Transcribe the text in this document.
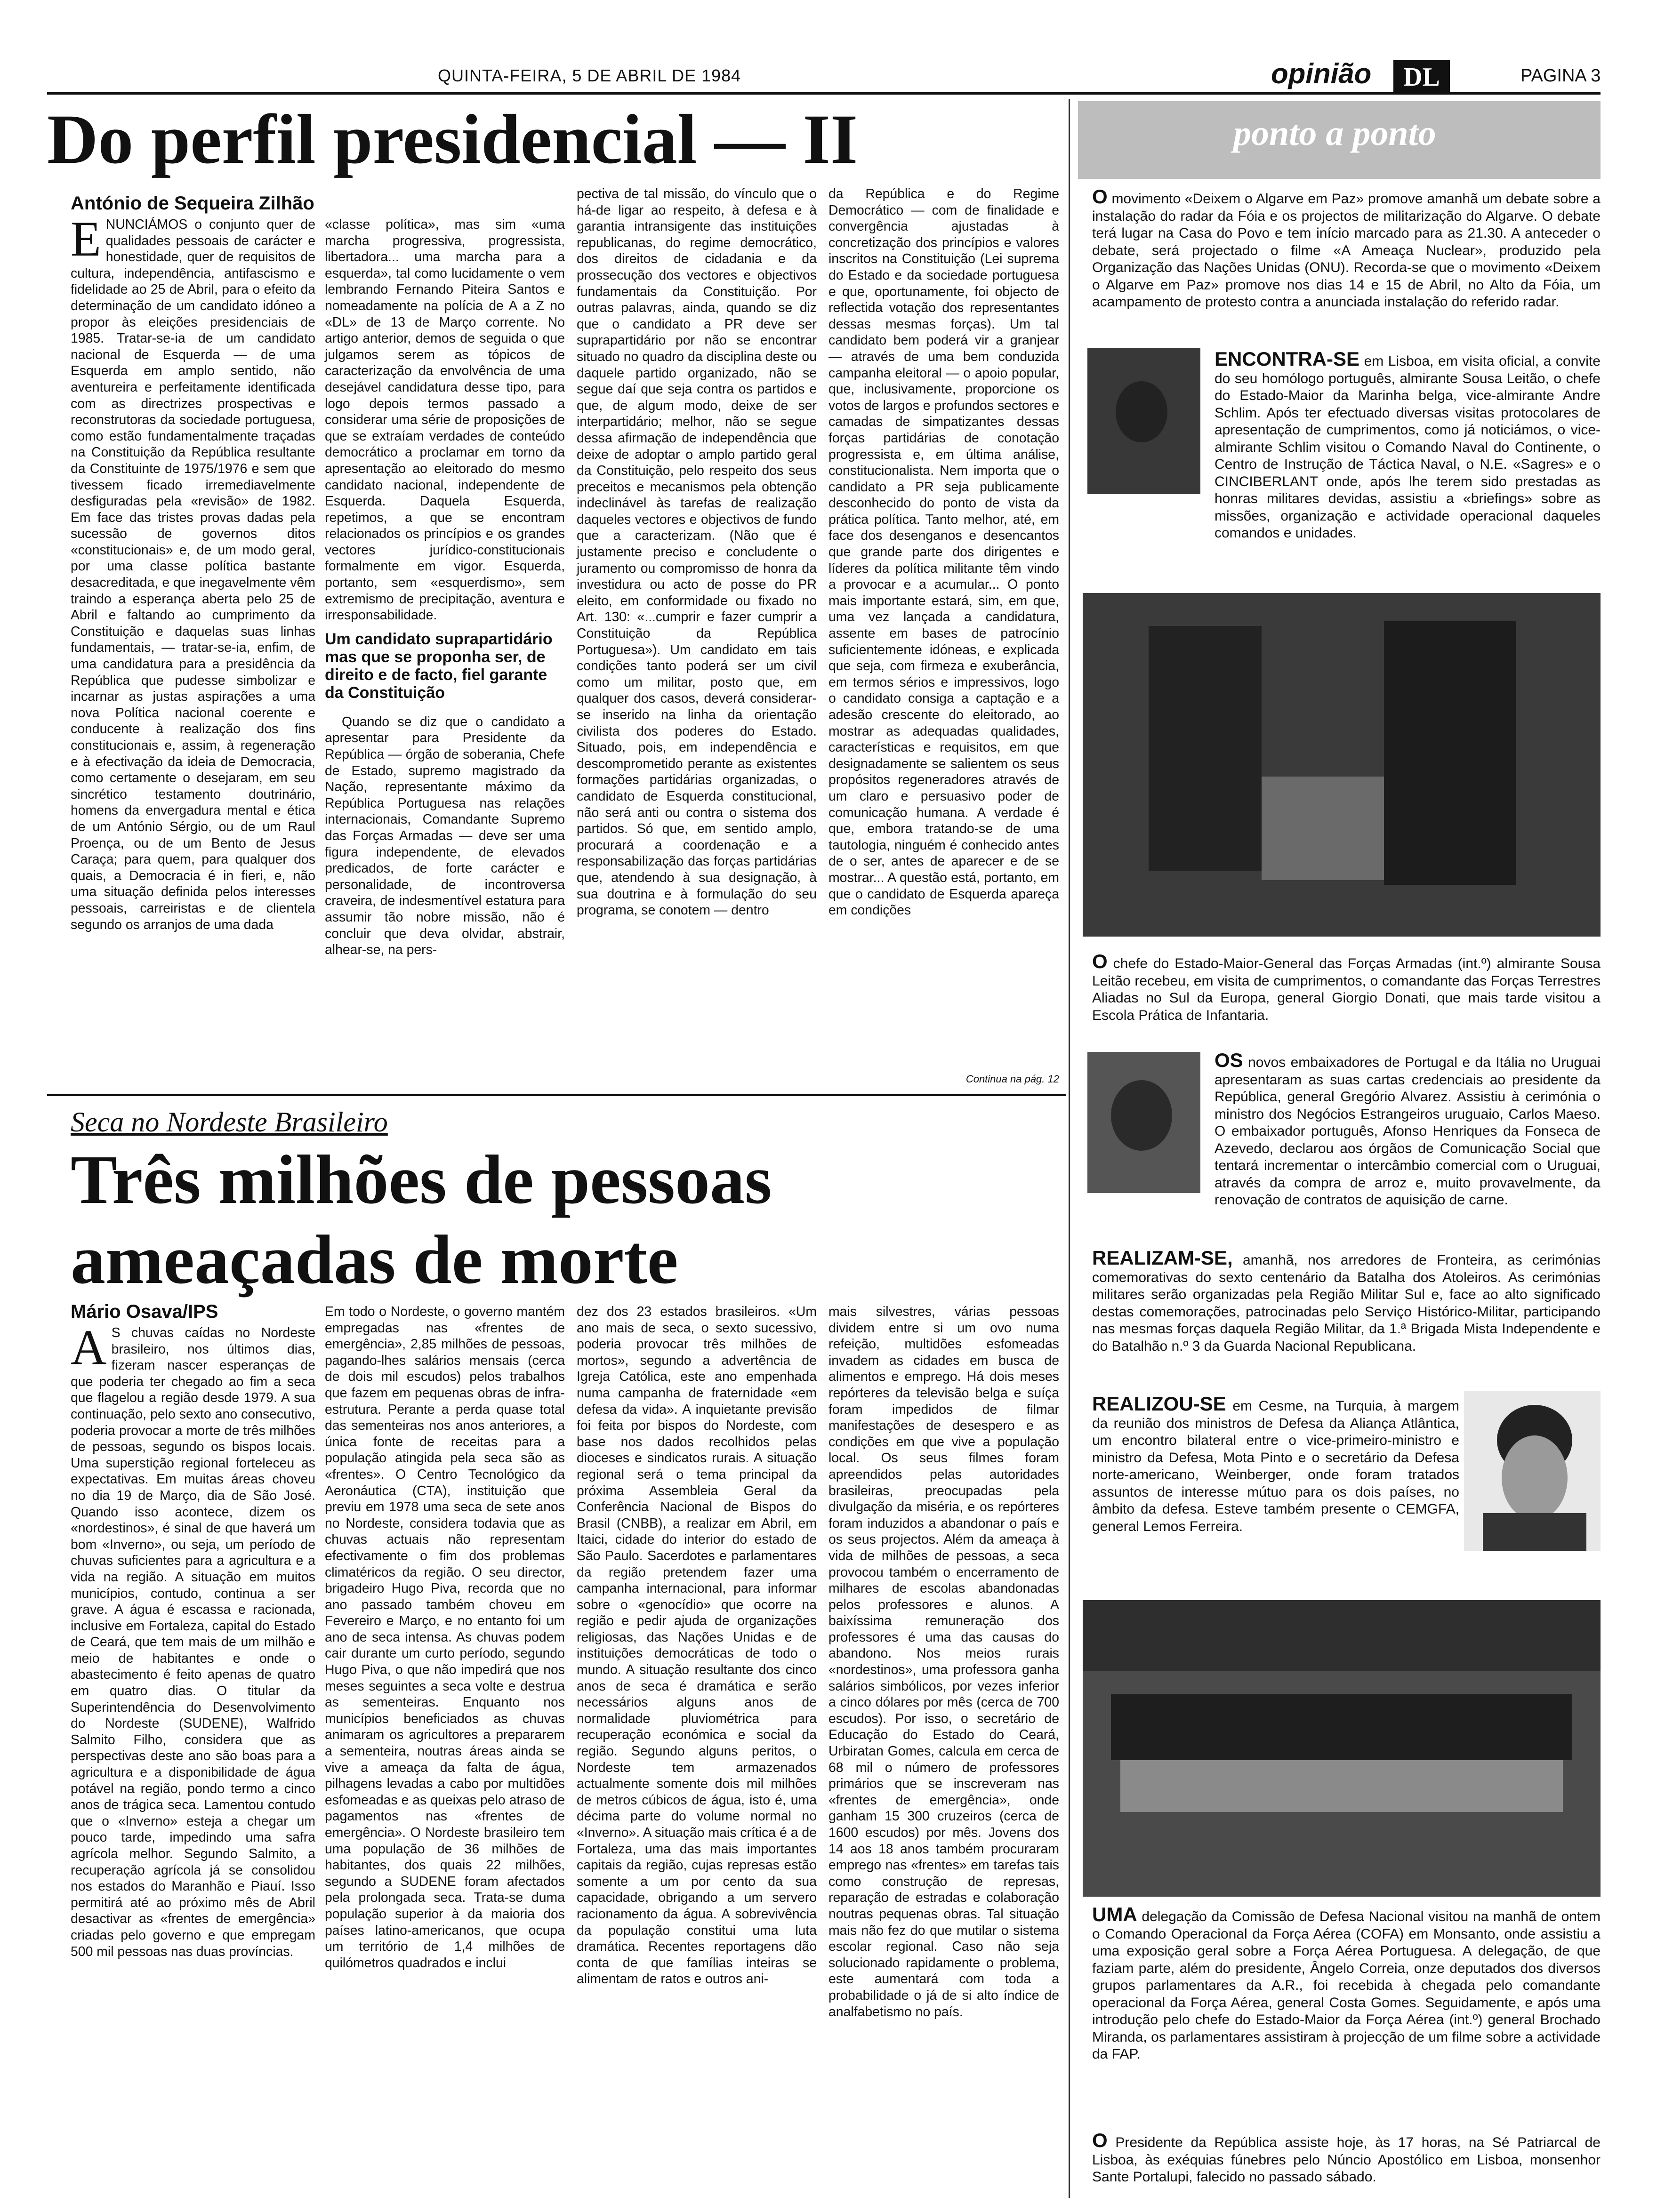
QUINTA-FEIRA, 5 DE ABRIL DE 1984	opinião	DL	PAGINA 3
Do perfil presidencial — II
António de Sequeira Zilhão

ENUNCIÁMOS o conjunto quer de qualidades pessoais de carácter e honestidade, quer de requisitos de cultura, independência, antifascismo e fidelidade ao 25 de Abril, para o efeito da determinação de um candidato idóneo a propor às eleições presidenciais de 1985. Tratar-se-ia de um candidato nacional de Esquerda — de uma Esquerda em amplo sentido, não aventureira e perfeitamente identificada com as directrizes prospectivas e reconstrutoras da sociedade portuguesa, como estão fundamentalmente traçadas na Constituição da República resultante da Constituinte de 1975/1976 e sem que tivessem ficado irremediavelmente desfiguradas pela «revisão» de 1982. Em face das tristes provas dadas pela sucessão de governos ditos «constitucionais» e, de um modo geral, por uma classe política bastante desacreditada, e que inegavelmente vêm traindo a esperança aberta pelo 25 de Abril e faltando ao cumprimento da Constituição e daquelas suas linhas fundamentais, — tratar-se-ia, enfim, de uma candidatura para a presidência da República que pudesse simbolizar e incarnar as justas aspirações a uma nova Política nacional coerente e conducente à realização dos fins constitucionais e, assim, à regeneração e à efectivação da ideia de Democracia, como certamente o desejaram, em seu sincrético testamento doutrinário, homens da envergadura mental e ética de um António Sérgio, ou de um Raul Proença, ou de um Bento de Jesus Caraça; para quem, para qualquer dos quais, a Democracia é in fieri, e, não uma situação definida pelos interesses pessoais, carreiristas e de clientela segundo os arranjos de uma dada

«classe política», mas sim «uma marcha progressiva, progressista, libertadora... uma marcha para a esquerda», tal como lucidamente o vem lembrando Fernando Piteira Santos e nomeadamente na polícia de A a Z no «DL» de 13 de Março corrente. No artigo anterior, demos de seguida o que julgamos serem as tópicos de caracterização da envolvência de uma desejável candidatura desse tipo, para logo depois termos passado a considerar uma série de proposições de que se extraíam verdades de conteúdo democrático a proclamar em torno da apresentação ao eleitorado do mesmo candidato nacional, independente de Esquerda. Daquela Esquerda, repetimos, a que se encontram relacionados os princípios e os grandes vectores jurídico-constitucionais formalmente em vigor. Esquerda, portanto, sem «esquerdismo», sem extremismo de precipitação, aventura e irresponsabilidade.

Um candidato suprapartidário mas que se proponha ser, de direito e de facto, fiel garante da Constituição

Quando se diz que o candidato a apresentar para Presidente da República — órgão de soberania, Chefe de Estado, supremo magistrado da Nação, representante máximo da República Portuguesa nas relações internacionais, Comandante Supremo das Forças Armadas — deve ser uma figura independente, de elevados predicados, de forte carácter e personalidade, de incontroversa craveira, de indesmentível estatura para assumir tão nobre missão, não é concluir que deva olvidar, abstrair, alhear-se, na pers-

pectiva de tal missão, do vínculo que o há-de ligar ao respeito, à defesa e à garantia intransigente das instituições republicanas, do regime democrático, dos direitos de cidadania e da prossecução dos vectores e objectivos fundamentais da Constituição. Por outras palavras, ainda, quando se diz que o candidato a PR deve ser suprapartidário por não se encontrar situado no quadro da disciplina deste ou daquele partido organizado, não se segue daí que seja contra os partidos e que, de algum modo, deixe de ser interpartidário; melhor, não se segue dessa afirmação de independência que deixe de adoptar o amplo partido geral da Constituição, pelo respeito dos seus preceitos e mecanismos pela obtenção indeclinável às tarefas de realização daqueles vectores e objectivos de fundo que a caracterizam. (Não que é justamente preciso e concludente o juramento ou compromisso de honra da investidura ou acto de posse do PR eleito, em conformidade ou fixado no Art. 130: «...cumprir e fazer cumprir a Constituição da República Portuguesa»). Um candidato em tais condições tanto poderá ser um civil como um militar, posto que, em qualquer dos casos, deverá considerar-se inserido na linha da orientação civilista dos poderes do Estado. Situado, pois, em independência e descomprometido perante as existentes formações partidárias organizadas, o candidato de Esquerda constitucional, não será anti ou contra o sistema dos partidos. Só que, em sentido amplo, procurará a coordenação e a responsabilização das forças partidárias que, atendendo à sua designação, à sua doutrina e à formulação do seu programa, se conotem — dentro

da República e do Regime Democrático — com de finalidade e convergência ajustadas à concretização dos princípios e valores inscritos na Constituição (Lei suprema do Estado e da sociedade portuguesa e que, oportunamente, foi objecto de reflectida votação dos representantes dessas mesmas forças). Um tal candidato bem poderá vir a granjear — através de uma bem conduzida campanha eleitoral — o apoio popular, que, inclusivamente, proporcione os votos de largos e profundos sectores e camadas de simpatizantes dessas forças partidárias de conotação progressista e, em última análise, constitucionalista. Nem importa que o candidato a PR seja publicamente desconhecido do ponto de vista da prática política. Tanto melhor, até, em face dos desenganos e desencantos que grande parte dos dirigentes e líderes da política militante têm vindo a provocar e a acumular... O ponto mais importante estará, sim, em que, uma vez lançada a candidatura, assente em bases de patrocínio suficientemente idóneas, e explicada que seja, com firmeza e exuberância, em termos sérios e impressivos, logo o candidato consiga a captação e a adesão crescente do eleitorado, ao mostrar as adequadas qualidades, características e requisitos, em que designadamente se salientem os seus propósitos regeneradores através de um claro e persuasivo poder de comunicação humana. A verdade é que, embora tratando-se de uma tautologia, ninguém é conhecido antes de o ser, antes de aparecer e de se mostrar... A questão está, portanto, em que o candidato de Esquerda apareça em condições

Continua na pág. 12
Seca no Nordeste Brasileiro
Três milhões de pessoas
ameaçadas de morte
Mário Osava/IPS

A S chuvas caídas no Nordeste brasileiro, nos últimos dias, fizeram nascer esperanças de que poderia ter chegado ao fim a seca que flagelou a região desde 1979. A sua continuação, pelo sexto ano consecutivo, poderia provocar a morte de três milhões de pessoas, segundo os bispos locais. Uma superstição regional forteleceu as expectativas. Em muitas áreas choveu no dia 19 de Março, dia de São José. Quando isso acontece, dizem os «nordestinos», é sinal de que haverá um bom «Inverno», ou seja, um período de chuvas suficientes para a agricultura e a vida na região. A situação em muitos municípios, contudo, continua a ser grave. A água é escassa e racionada, inclusive em Fortaleza, capital do Estado de Ceará, que tem mais de um milhão e meio de habitantes e onde o abastecimento é feito apenas de quatro em quatro dias. O titular da Superintendência do Desenvolvimento do Nordeste (SUDENE), Walfrido Salmito Filho, considera que as perspectivas deste ano são boas para a agricultura e a disponibilidade de água potável na região, pondo termo a cinco anos de trágica seca. Lamentou contudo que o «Inverno» esteja a chegar um pouco tarde, impedindo uma safra agrícola melhor. Segundo Salmito, a recuperação agrícola já se consolidou nos estados do Maranhão e Piauí. Isso permitirá até ao próximo mês de Abril desactivar as «frentes de emergência» criadas pelo governo e que empregam 500 mil pessoas nas duas províncias.

Em todo o Nordeste, o governo mantém empregadas nas «frentes de emergência», 2,85 milhões de pessoas, pagando-lhes salários mensais (cerca de dois mil escudos) pelos trabalhos que fazem em pequenas obras de infra-estrutura. Perante a perda quase total das sementeiras nos anos anteriores, a única fonte de receitas para a população atingida pela seca são as «frentes». O Centro Tecnológico da Aeronáutica (CTA), instituição que previu em 1978 uma seca de sete anos no Nordeste, considera todavia que as chuvas actuais não representam efectivamente o fim dos problemas climatéricos da região. O seu director, brigadeiro Hugo Piva, recorda que no ano passado também choveu em Fevereiro e Março, e no entanto foi um ano de seca intensa. As chuvas podem cair durante um curto período, segundo Hugo Piva, o que não impedirá que nos meses seguintes a seca volte e destrua as sementeiras. Enquanto nos municípios beneficiados as chuvas animaram os agricultores a prepararem a sementeira, noutras áreas ainda se vive a ameaça da falta de água, pilhagens levadas a cabo por multidões esfomeadas e as queixas pelo atraso de pagamentos nas «frentes de emergência». O Nordeste brasileiro tem uma população de 36 milhões de habitantes, dos quais 22 milhões, segundo a SUDENE foram afectados pela prolongada seca. Trata-se duma população superior à da maioria dos países latino-americanos, que ocupa um território de 1,4 milhões de quilómetros quadrados e inclui

dez dos 23 estados brasileiros. «Um ano mais de seca, o sexto sucessivo, poderia provocar três milhões de mortos», segundo a advertência de Igreja Católica, este ano empenhada numa campanha de fraternidade «em defesa da vida». A inquietante previsão foi feita por bispos do Nordeste, com base nos dados recolhidos pelas dioceses e sindicatos rurais. A situação regional será o tema principal da próxima Assembleia Geral da Conferência Nacional de Bispos do Brasil (CNBB), a realizar em Abril, em Itaici, cidade do interior do estado de São Paulo. Sacerdotes e parlamentares da região pretendem fazer uma campanha internacional, para informar sobre o «genocídio» que ocorre na região e pedir ajuda de organizações religiosas, das Nações Unidas e de instituições democráticas de todo o mundo. A situação resultante dos cinco anos de seca é dramática e serão necessários alguns anos de normalidade pluviométrica para recuperação económica e social da região. Segundo alguns peritos, o Nordeste tem armazenados actualmente somente dois mil milhões de metros cúbicos de água, isto é, uma décima parte do volume normal no «Inverno». A situação mais crítica é a de Fortaleza, uma das mais importantes capitais da região, cujas represas estão somente a um por cento da sua capacidade, obrigando a um servero racionamento da água. A sobrevivência da população constitui uma luta dramática. Recentes reportagens dão conta de que famílias inteiras se alimentam de ratos e outros ani-

mais silvestres, várias pessoas dividem entre si um ovo numa refeição, multidões esfomeadas invadem as cidades em busca de alimentos e emprego. Há dois meses repórteres da televisão belga e suíça foram impedidos de filmar manifestações de desespero e as condições em que vive a população local. Os seus filmes foram apreendidos pelas autoridades brasileiras, preocupadas pela divulgação da miséria, e os repórteres foram induzidos a abandonar o país e os seus projectos. Além da ameaça à vida de milhões de pessoas, a seca provocou também o encerramento de milhares de escolas abandonadas pelos professores e alunos. A baixíssima remuneração dos professores é uma das causas do abandono. Nos meios rurais «nordestinos», uma professora ganha salários simbólicos, por vezes inferior a cinco dólares por mês (cerca de 700 escudos). Por isso, o secretário de Educação do Estado do Ceará, Urbiratan Gomes, calcula em cerca de 68 mil o número de professores primários que se inscreveram nas «frentes de emergência», onde ganham 15 300 cruzeiros (cerca de 1600 escudos) por mês. Jovens dos 14 aos 18 anos também procuraram emprego nas «frentes» em tarefas tais como construção de represas, reparação de estradas e colaboração noutras pequenas obras. Tal situação mais não fez do que mutilar o sistema escolar regional. Caso não seja solucionado rapidamente o problema, este aumentará com toda a probabilidade o já de si alto índice de analfabetismo no país.

ponto a ponto
O movimento «Deixem o Algarve em Paz» promove amanhã um debate sobre a instalação do radar da Fóia e os projectos de militarização do Algarve. O debate terá lugar na Casa do Povo e tem início marcado para as 21.30. A anteceder o debate, será projectado o filme «A Ameaça Nuclear», produzido pela Organização das Nações Unidas (ONU). Recorda-se que o movimento «Deixem o Algarve em Paz» promove nos dias 14 e 15 de Abril, no Alto da Fóia, um acampamento de protesto contra a anunciada instalação do referido radar.
ENCONTRA-SE em Lisboa, em visita oficial, a convite do seu homólogo português, almirante Sousa Leitão, o chefe do Estado-Maior da Marinha belga, vice-almirante Andre Schlim. Após ter efectuado diversas visitas protocolares de apresentação de cumprimentos, como já noticiámos, o vice-almirante Schlim visitou o Comando Naval do Continente, o Centro de Instrução de Táctica Naval, o N.E. «Sagres» e o CINCIBERLANT onde, após lhe terem sido prestadas as honras militares devidas, assistiu a «briefings» sobre as missões, organização e actividade operacional daqueles comandos e unidades.
O chefe do Estado-Maior-General das Forças Armadas (int.º) almirante Sousa Leitão recebeu, em visita de cumprimentos, o comandante das Forças Terrestres Aliadas no Sul da Europa, general Giorgio Donati, que mais tarde visitou a Escola Prática de Infantaria.
OS novos embaixadores de Portugal e da Itália no Uruguai apresentaram as suas cartas credenciais ao presidente da República, general Gregório Alvarez. Assistiu à cerimónia o ministro dos Negócios Estrangeiros uruguaio, Carlos Maeso. O embaixador português, Afonso Henriques da Fonseca de Azevedo, declarou aos órgãos de Comunicação Social que tentará incrementar o intercâmbio comercial com o Uruguai, através da compra de arroz e, muito provavelmente, da renovação de contratos de aquisição de carne.
REALIZAM-SE, amanhã, nos arredores de Fronteira, as cerimónias comemorativas do sexto centenário da Batalha dos Atoleiros. As cerimónias militares serão organizadas pela Região Militar Sul e, face ao alto significado destas comemorações, patrocinadas pelo Serviço Histórico-Militar, participando nas mesmas forças daquela Região Militar, da 1.ª Brigada Mista Independente e do Batalhão n.º 3 da Guarda Nacional Republicana.
REALIZOU-SE em Cesme, na Turquia, à margem da reunião dos ministros de Defesa da Aliança Atlântica, um encontro bilateral entre o vice-primeiro-ministro e ministro da Defesa, Mota Pinto e o secretário da Defesa norte-americano, Weinberger, onde foram tratados assuntos de interesse mútuo para os dois países, no âmbito da defesa. Esteve também presente o CEMGFA, general Lemos Ferreira.
UMA delegação da Comissão de Defesa Nacional visitou na manhã de ontem o Comando Operacional da Força Aérea (COFA) em Monsanto, onde assistiu a uma exposição geral sobre a Força Aérea Portuguesa. A delegação, de que faziam parte, além do presidente, Ângelo Correia, onze deputados dos diversos grupos parlamentares da A.R., foi recebida à chegada pelo comandante operacional da Força Aérea, general Costa Gomes. Seguidamente, e após uma introdução pelo chefe do Estado-Maior da Força Aérea (int.º) general Brochado Miranda, os parlamentares assistiram à projecção de um filme sobre a actividade da FAP.
O Presidente da República assiste hoje, às 17 horas, na Sé Patriarcal de Lisboa, às exéquias fúnebres pelo Núncio Apostólico em Lisboa, monsenhor Sante Portalupi, falecido no passado sábado.
